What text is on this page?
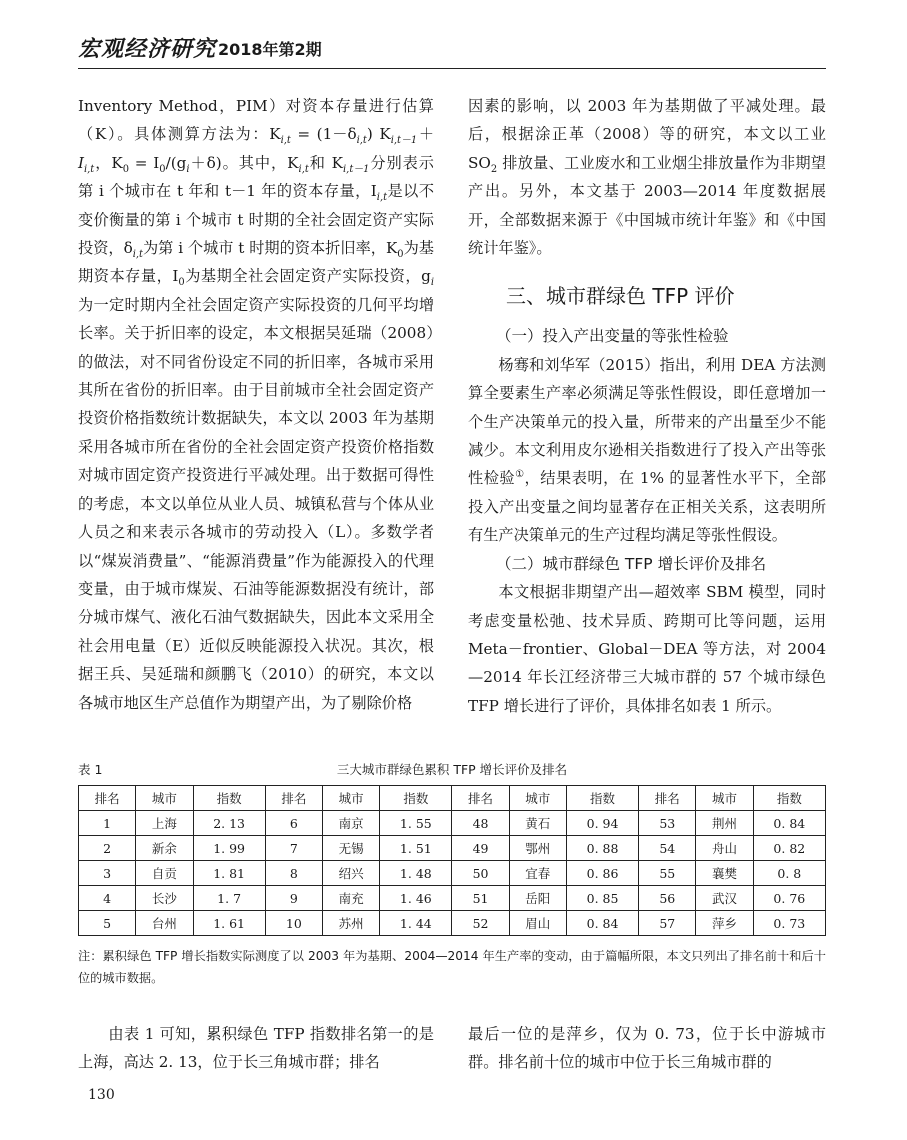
宏观经济研究 2018年第2期

Inventory Method，PIM）对资本存量进行估算（K）。具体测算方法为：$K_{i,t} = (1-\delta_{i,t})$ $K_{i,t-1}+ I_{i,t}$，$K_0 = I_0/(g_i+\delta)$。其中，$K_{i,t}$和 $K_{i,t-1}$分别表示 第 i 个城市在 t 年和 t－1 年的资本存量，$I_{i,t}$是以不变价衡量的第 i 个城市 t 时期的全社会固定资产实际投资，$\delta_{i,t}$为第 i 个城市 t 时期的资本折旧率，$K_0$为基期资本存量，$I_0$为基期全社会固定资产实际投资，$g_i$为一定时期内全社会固定资产实际投资的几何平均增长率。关于折旧率的设定，本文根据吴延瑞（2008）的做法，对不同省份设定不同的折旧率，各城市采用其所在省份的折旧率。由于目前城市全社会固定资产投资价格指数统计数据缺失，本文以 2003 年为基期采用各城市所在省份的全社会固定资产投资价格指数对城市固定资产投资进行平减处理。出于数据可得性的考虑，本文以单位从业人员、城镇私营与个体从业人员之和来表示各城市的劳动投入（L）。多数学者以“煤炭消费量”、“能源消费量”作为能源投入的代理变量，由于城市煤炭、石油等能源数据没有统计，部分城市煤气、液化石油气数据缺失，因此本文采用全社会用电量（E）近似反映能源投入状况。其次，根据王兵、吴延瑞和颜鹏飞（2010）的研究，本文以各城市地区生产总值作为期望产出，为了剔除价格

因素的影响，以 2003 年为基期做了平减处理。最后，根据涂正革（2008）等的研究，本文以工业 $SO_2$ 排放量、工业废水和工业烟尘排放量作为非期望产出。另外，本文基于 2003—2014 年度数据展开，全部数据来源于《中国城市统计年鉴》和《中国统计年鉴》。

三、城市群绿色 TFP 评价
（一）投入产出变量的等张性检验

杨骞和刘华军（2015）指出，利用 DEA 方法测算全要素生产率必须满足等张性假设，即任意增加一个生产决策单元的投入量，所带来的产出量至少不能减少。本文利用皮尔逊相关指数进行了投入产出等张性检验①，结果表明，在 1% 的显著性水平下，全部投入产出变量之间均显著存在正相关关系，这表明所有生产决策单元的生产过程均满足等张性假设。

（二）城市群绿色 TFP 增长评价及排名

本文根据非期望产出—超效率 SBM 模型，同时考虑变量松弛、技术异质、跨期可比等问题，运用 Meta－frontier、Global－DEA 等方法，对 2004—2014 年长江经济带三大城市群的 57 个城市绿色 TFP 增长进行了评价，具体排名如表 1 所示。

表 1	三大城市群绿色累积 TFP 增长评价及排名
排名	城市	指数	排名	城市	指数	排名	城市	指数	排名	城市	指数
1	上海	2. 13	6	南京	1. 55	48	黄石	0. 94	53	荆州	0. 84
2	新余	1. 99	7	无锡	1. 51	49	鄂州	0. 88	54	舟山	0. 82
3	自贡	1. 81	8	绍兴	1. 48	50	宜春	0. 86	55	襄樊	0. 8
4	长沙	1. 7	9	南充	1. 46	51	岳阳	0. 85	56	武汉	0. 76
5	台州	1. 61	10	苏州	1. 44	52	眉山	0. 84	57	萍乡	0. 73
注：累积绿色 TFP 增长指数实际测度了以 2003 年为基期、2004—2014 年生产率的变动，由于篇幅所限，本文只列出了排名前十和后十位的城市数据。

由表 1 可知，累积绿色 TFP 指数排名第一的是上海，高达 2. 13，位于长三角城市群；排名

最后一位的是萍乡，仅为 0. 73，位于长中游城市群。排名前十位的城市中位于长三角城市群的

130
